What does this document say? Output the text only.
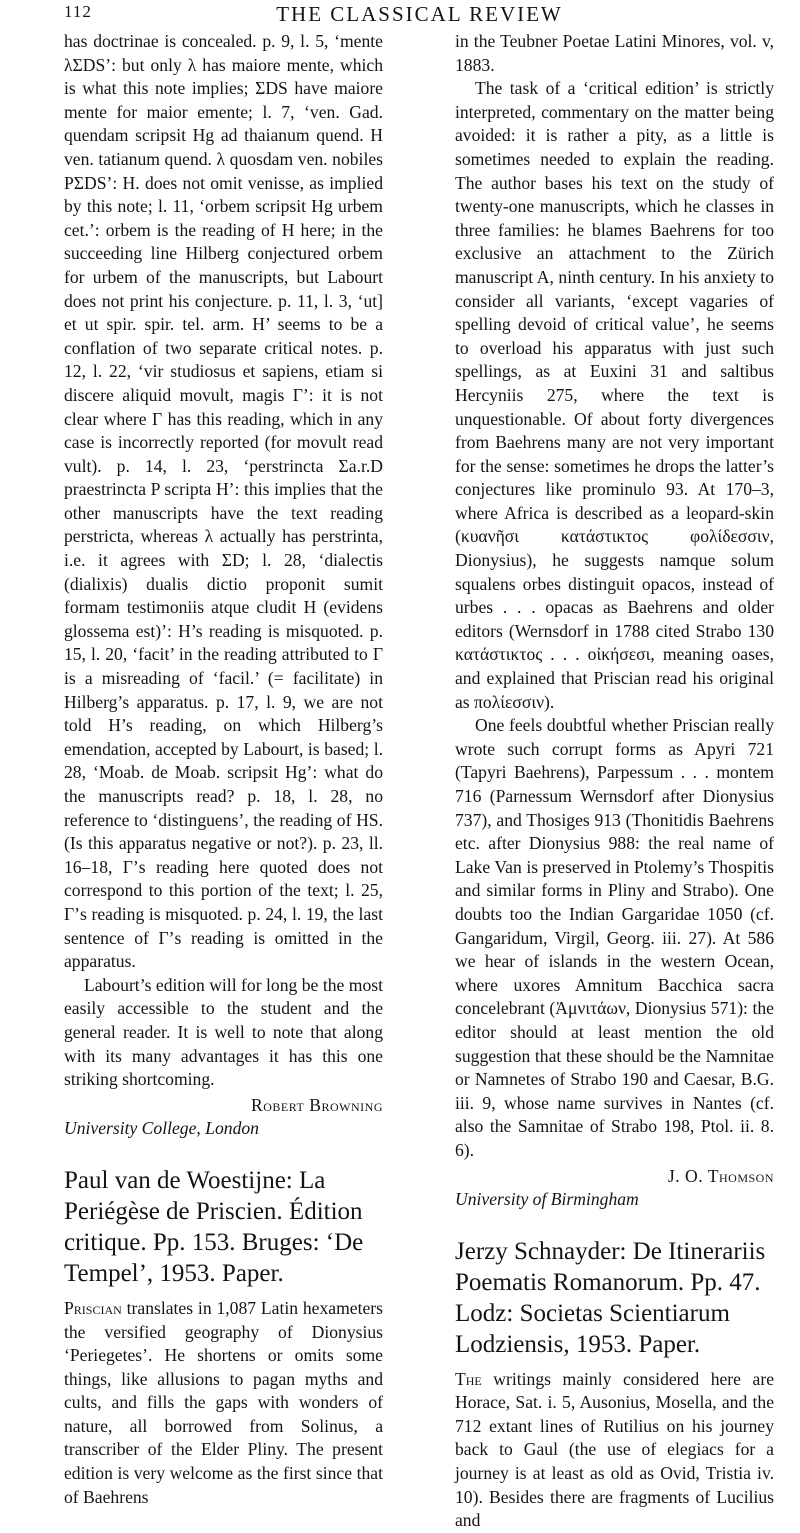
112	THE CLASSICAL REVIEW

has doctrinae is concealed. p. 9, l. 5, ‘mente λΣDS’: but only λ has maiore mente, which is what this note implies; ΣDS have maiore mente for maior emente; l. 7, ‘ven. Gad. quendam scripsit Hg ad thaianum quend. H ven. tatianum quend. λ quosdam ven. nobiles PΣDS’: H. does not omit venisse, as implied by this note; l. 11, ‘orbem scripsit Hg urbem cet.’: orbem is the reading of H here; in the succeeding line Hilberg conjectured orbem for urbem of the manuscripts, but Labourt does not print his conjecture. p. 11, l. 3, ‘ut] et ut spir. spir. tel. arm. H’ seems to be a conflation of two separate critical notes. p. 12, l. 22, ‘vir studiosus et sapiens, etiam si discere aliquid movult, magis Γ’: it is not clear where Γ has this reading, which in any case is incorrectly reported (for movult read vult). p. 14, l. 23, ‘perstrincta Σa.r.D praestrincta P scripta H’: this implies that the other manuscripts have the text reading perstricta, whereas λ actually has perstrinta, i.e. it agrees with ΣD; l. 28, ‘dialectis (dialixis) dualis dictio proponit sumit formam testimoniis atque cludit H (evidens glossema est)’: H’s reading is misquoted. p. 15, l. 20, ‘facit’ in the reading attributed to Γ is a misreading of ‘facil.’ (= facilitate) in Hilberg’s apparatus. p. 17, l. 9, we are not told H’s reading, on which Hilberg’s emendation, accepted by Labourt, is based; l. 28, ‘Moab. de Moab. scripsit Hg’: what do the manuscripts read? p. 18, l. 28, no reference to ‘distinguens’, the reading of HS. (Is this apparatus negative or not?). p. 23, ll. 16–18, Γ’s reading here quoted does not correspond to this portion of the text; l. 25, Γ’s reading is misquoted. p. 24, l. 19, the last sentence of Γ’s reading is omitted in the apparatus.

Labourt’s edition will for long be the most easily accessible to the student and the general reader. It is well to note that along with its many advantages it has this one striking shortcoming.

Robert Browning
University College, London
Paul van de Woestijne: La Periégèse de Priscien. Édition critique. Pp. 153. Bruges: ‘De Tempel’, 1953. Paper.

Priscian translates in 1,087 Latin hexameters the versified geography of Dionysius ‘Periegetes’. He shortens or omits some things, like allusions to pagan myths and cults, and fills the gaps with wonders of nature, all borrowed from Solinus, a transcriber of the Elder Pliny. The present edition is very welcome as the first since that of Baehrens

in the Teubner Poetae Latini Minores, vol. v, 1883.

The task of a ‘critical edition’ is strictly interpreted, commentary on the matter being avoided: it is rather a pity, as a little is sometimes needed to explain the reading. The author bases his text on the study of twenty-one manuscripts, which he classes in three families: he blames Baehrens for too exclusive an attachment to the Zürich manuscript A, ninth century. In his anxiety to consider all variants, ‘except vagaries of spelling devoid of critical value’, he seems to overload his apparatus with just such spellings, as at Euxini 31 and saltibus Hercyniis 275, where the text is unquestionable. Of about forty divergences from Baehrens many are not very important for the sense: sometimes he drops the latter’s conjectures like prominulo 93. At 170–3, where Africa is described as a leopard-skin (κυανῆσι κατάστικτος φολίδεσσιν, Dionysius), he suggests namque solum squalens orbes distinguit opacos, instead of urbes . . . opacas as Baehrens and older editors (Wernsdorf in 1788 cited Strabo 130 κατάστικτος . . . οἰκήσεσι, meaning oases, and explained that Priscian read his original as πολίεσσιν).

One feels doubtful whether Priscian really wrote such corrupt forms as Apyri 721 (Tapyri Baehrens), Parpessum . . . montem 716 (Parnessum Wernsdorf after Dionysius 737), and Thosiges 913 (Thonitidis Baehrens etc. after Dionysius 988: the real name of Lake Van is preserved in Ptolemy’s Thospitis and similar forms in Pliny and Strabo). One doubts too the Indian Gargaridae 1050 (cf. Gangaridum, Virgil, Georg. iii. 27). At 586 we hear of islands in the western Ocean, where uxores Amnitum Bacchica sacra concelebrant (Ἀμνιτάων, Dionysius 571): the editor should at least mention the old suggestion that these should be the Namnitae or Namnetes of Strabo 190 and Caesar, B.G. iii. 9, whose name survives in Nantes (cf. also the Samnitae of Strabo 198, Ptol. ii. 8. 6).

J. O. Thomson
University of Birmingham
Jerzy Schnayder: De Itinerariis Poematis Romanorum. Pp. 47. Lodz: Societas Scientiarum Lodziensis, 1953. Paper.

The writings mainly considered here are Horace, Sat. i. 5, Ausonius, Mosella, and the 712 extant lines of Rutilius on his journey back to Gaul (the use of elegiacs for a journey is at least as old as Ovid, Tristia iv. 10). Besides there are fragments of Lucilius and
